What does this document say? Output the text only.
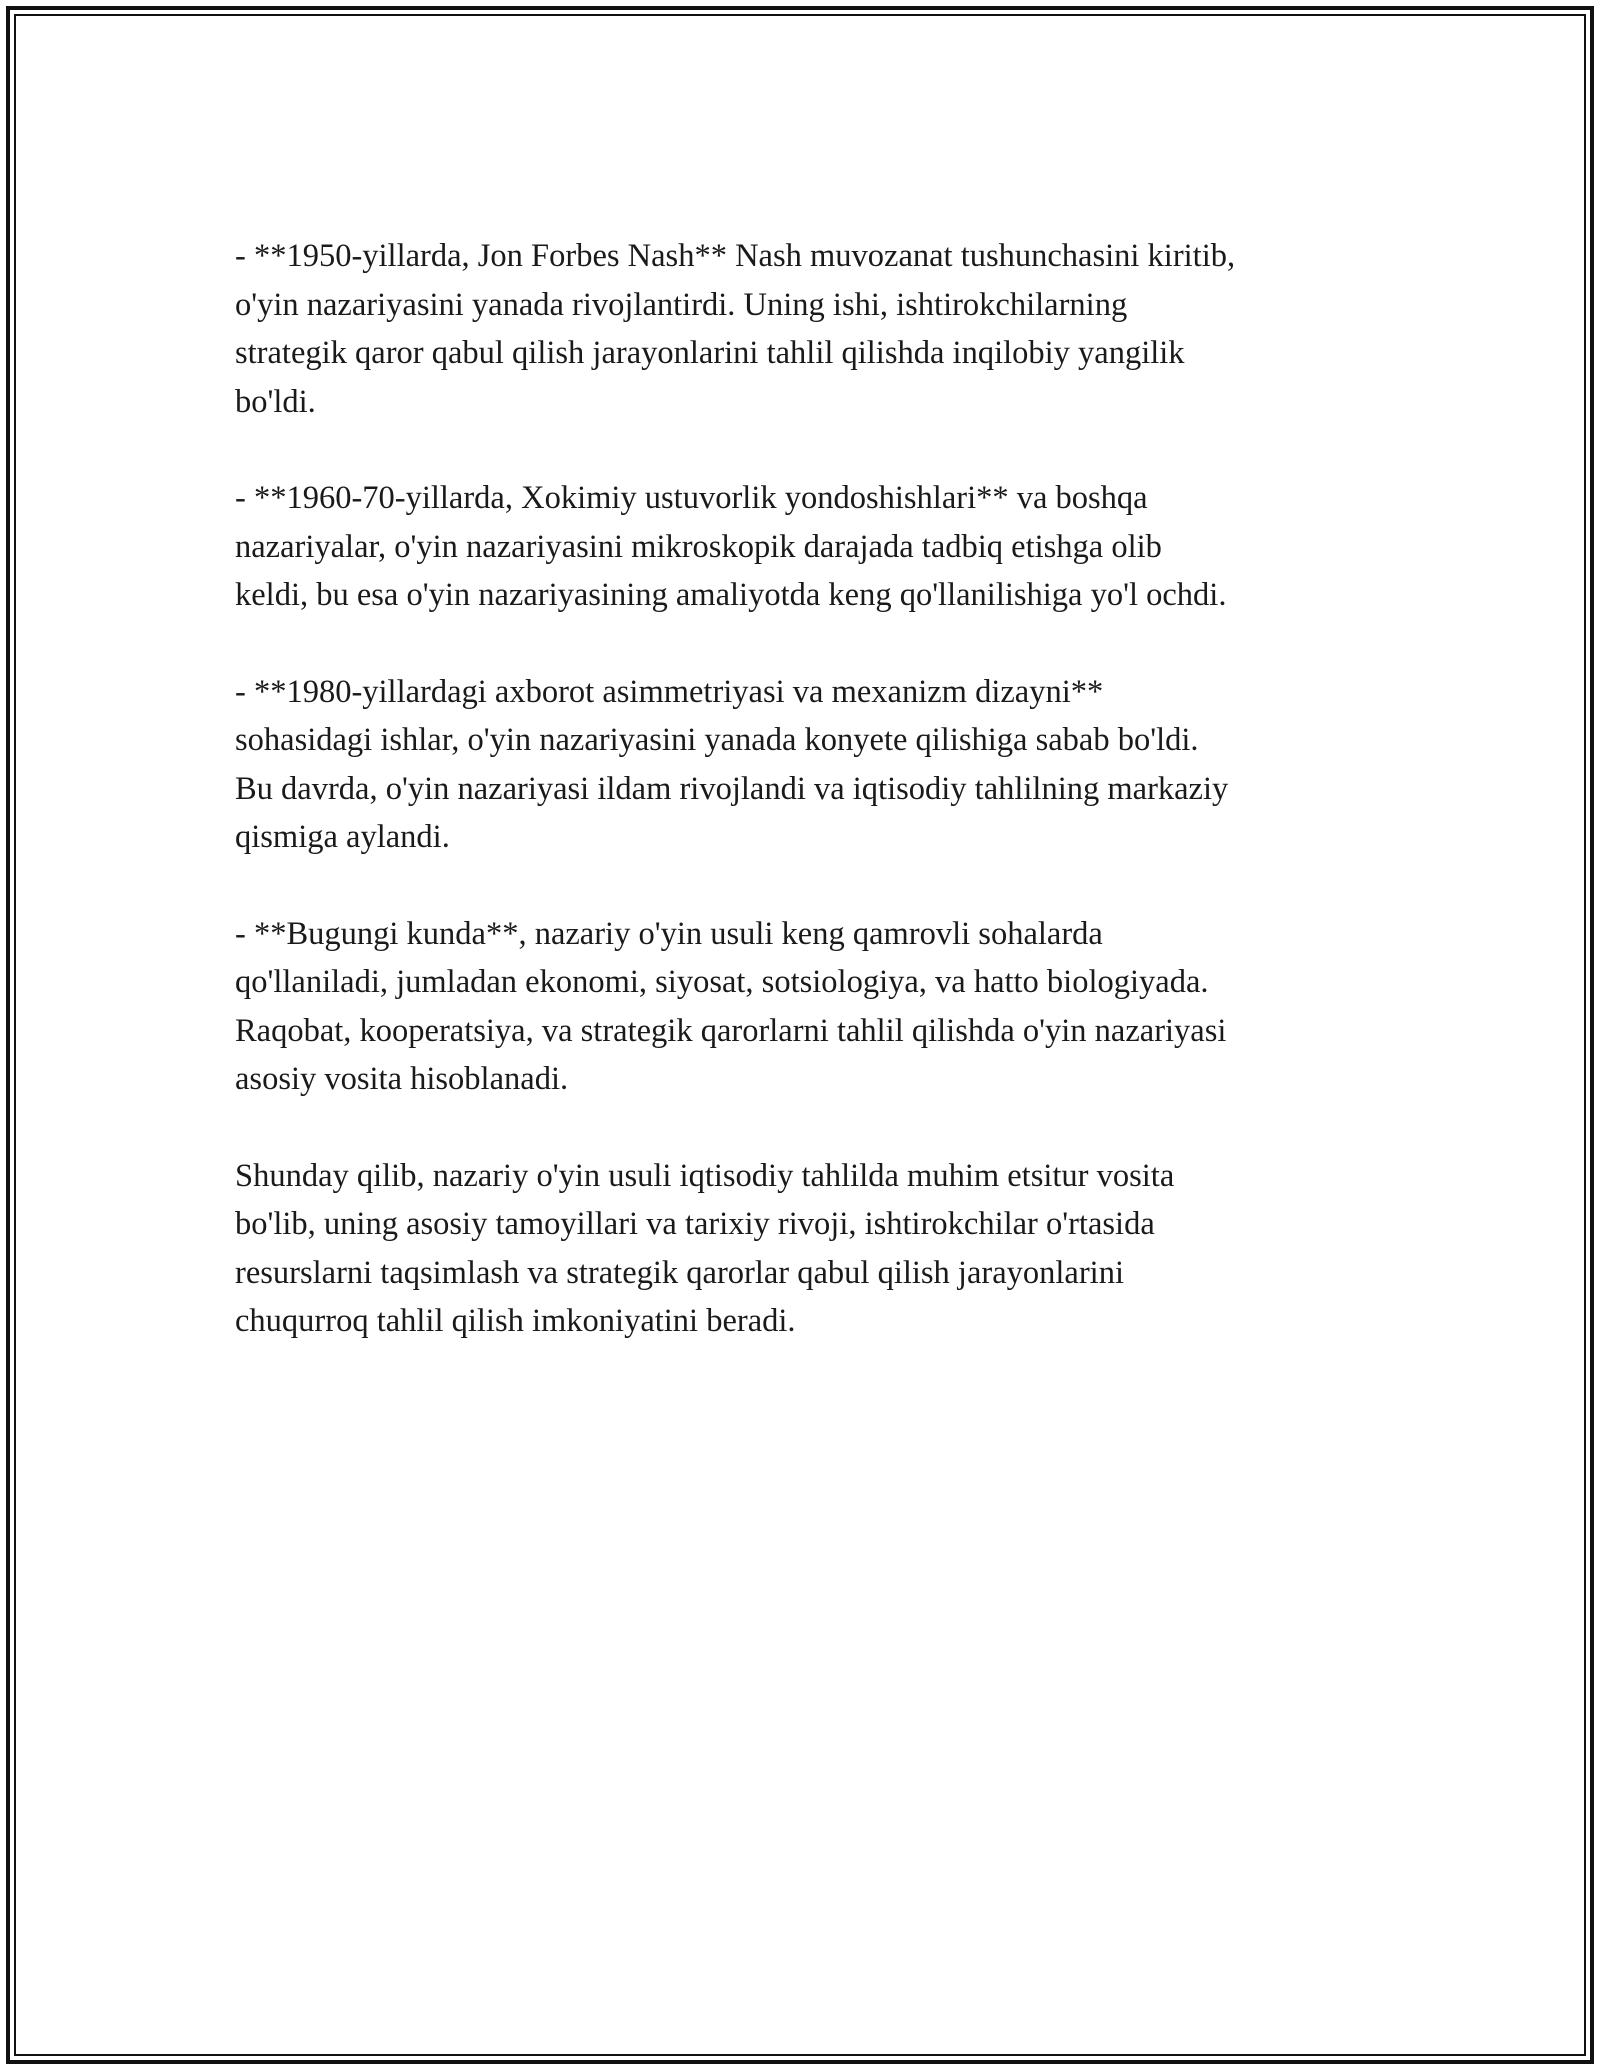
- **1950-yillarda, Jon Forbes Nash** Nash muvozanat tushunchasini kiritib,
o'yin nazariyasini yanada rivojlantirdi. Uning ishi, ishtirokchilarning
strategik qaror qabul qilish jarayonlarini tahlil qilishda inqilobiy yangilik
bo'ldi.

- **1960-70-yillarda, Xokimiy ustuvorlik yondoshishlari** va boshqa
nazariyalar, o'yin nazariyasini mikroskopik darajada tadbiq etishga olib
keldi, bu esa o'yin nazariyasining amaliyotda keng qo'llanilishiga yo'l ochdi.

- **1980-yillardagi axborot asimmetriyasi va mexanizm dizayni**
sohasidagi ishlar, o'yin nazariyasini yanada konyete qilishiga sabab bo'ldi.
Bu davrda, o'yin nazariyasi ildam rivojlandi va iqtisodiy tahlilning markaziy
qismiga aylandi.

- **Bugungi kunda**, nazariy o'yin usuli keng qamrovli sohalarda
qo'llaniladi, jumladan ekonomi, siyosat, sotsiologiya, va hatto biologiyada.
Raqobat, kooperatsiya, va strategik qarorlarni tahlil qilishda o'yin nazariyasi
asosiy vosita hisoblanadi.

Shunday qilib, nazariy o'yin usuli iqtisodiy tahlilda muhim etsitur vosita
bo'lib, uning asosiy tamoyillari va tarixiy rivoji, ishtirokchilar o'rtasida
resurslarni taqsimlash va strategik qarorlar qabul qilish jarayonlarini
chuqurroq tahlil qilish imkoniyatini beradi.
